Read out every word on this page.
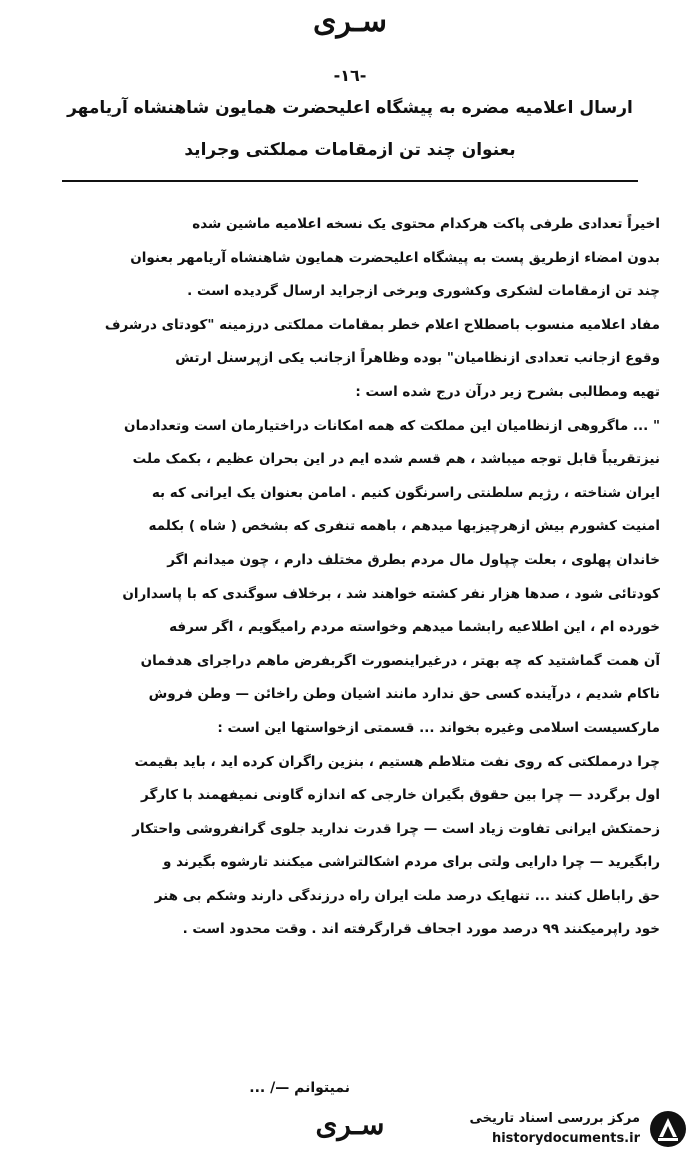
سـرى
-۱٦-
ارسال اعلامیه مضره به پیشگاه اعلیحضرت همایون شاهنشاه آریامهر
بعنوان چند تن ازمقامات مملکتی وجراید
اخیراً تعدادی طرفی پاکت هرکدام محتوی یک نسخه اعلامیه ماشین شده
بدون امضاء ازطریق پست به پیشگاه اعلیحضرت همایون شاهنشاه آریامهر بعنوان
چند تن ازمقامات لشکری وکشوری وبرخی ازجراید ارسال گردیده است .
مفاد اعلامیه منسوب باصطلاح اعلام خطر بمقامات مملکتی درزمینه "کودتای درشرف
وقوع ازجانب تعدادی ازنظامیان" بوده وظاهراً ازجانب یکی ازپرسنل ارتش
تهیه ومطالبی بشرح زیر درآن درج شده است :
" ... ماگروهی ازنظامیان این مملکت که همه امکانات دراختیارمان است وتعدادمان
نیزتقریباً قابل توجه میباشد ، هم قسم شده ایم در این بحران عظیم ، بکمک ملت
ایران شناخته ، رژیم سلطنتی راسرنگون کنیم . امامن بعنوان یک ایرانی که به
امنیت کشورم بیش ازهرچیزبها میدهم ، باهمه تنفری که بشخص ( شاه ) بکلمه
خاندان پهلوی ، بعلت چپاول مال مردم بطرق مختلف دارم ، چون میدانم اگر
کودتائی شود ، صدها هزار نفر کشته خواهند شد ، برخلاف سوگندی که با پاسداران
خورده ام ، این اطلاعیه رابشما میدهم وخواسته مردم رامیگویم ، اگر سرفه
آن همت گماشتید که چه بهتر ، درغیراینصورت اگربفرض ماهم دراجرای هدفمان
ناکام شدیم ، درآینده کسی حق ندارد مانند اشیان وطن راخائن — وطن فروش
مارکسیست اسلامی وغیره بخواند ... قسمتی ازخواستها این است :
چرا درمملکتی که روی نفت متلاطم هستیم ، بنزین راگران کرده اید ، باید بقیمت
اول برگردد — چرا بین حقوق بگیران خارجی که اندازه گاونی نمیفهمند با کارگر
زحمتکش ایرانی تفاوت زیاد است — چرا قدرت ندارید جلوی گرانفروشی واحتکار
رابگیرید — چرا دارایی ولتی برای مردم اشکالتراشی میکنند تارشوه بگیرند و
حق راباطل کنند ... تنهایک درصد ملت ایران راه درزندگی دارند وشکم بی هنر
خود راپرمیکنند ۹۹ درصد مورد اجحاف قرارگرفته اند . وقت محدود است .
نمیتوانم —/ ...
سـرى	مرکز بررسی اسناد تاریخی
historydocuments.ir
